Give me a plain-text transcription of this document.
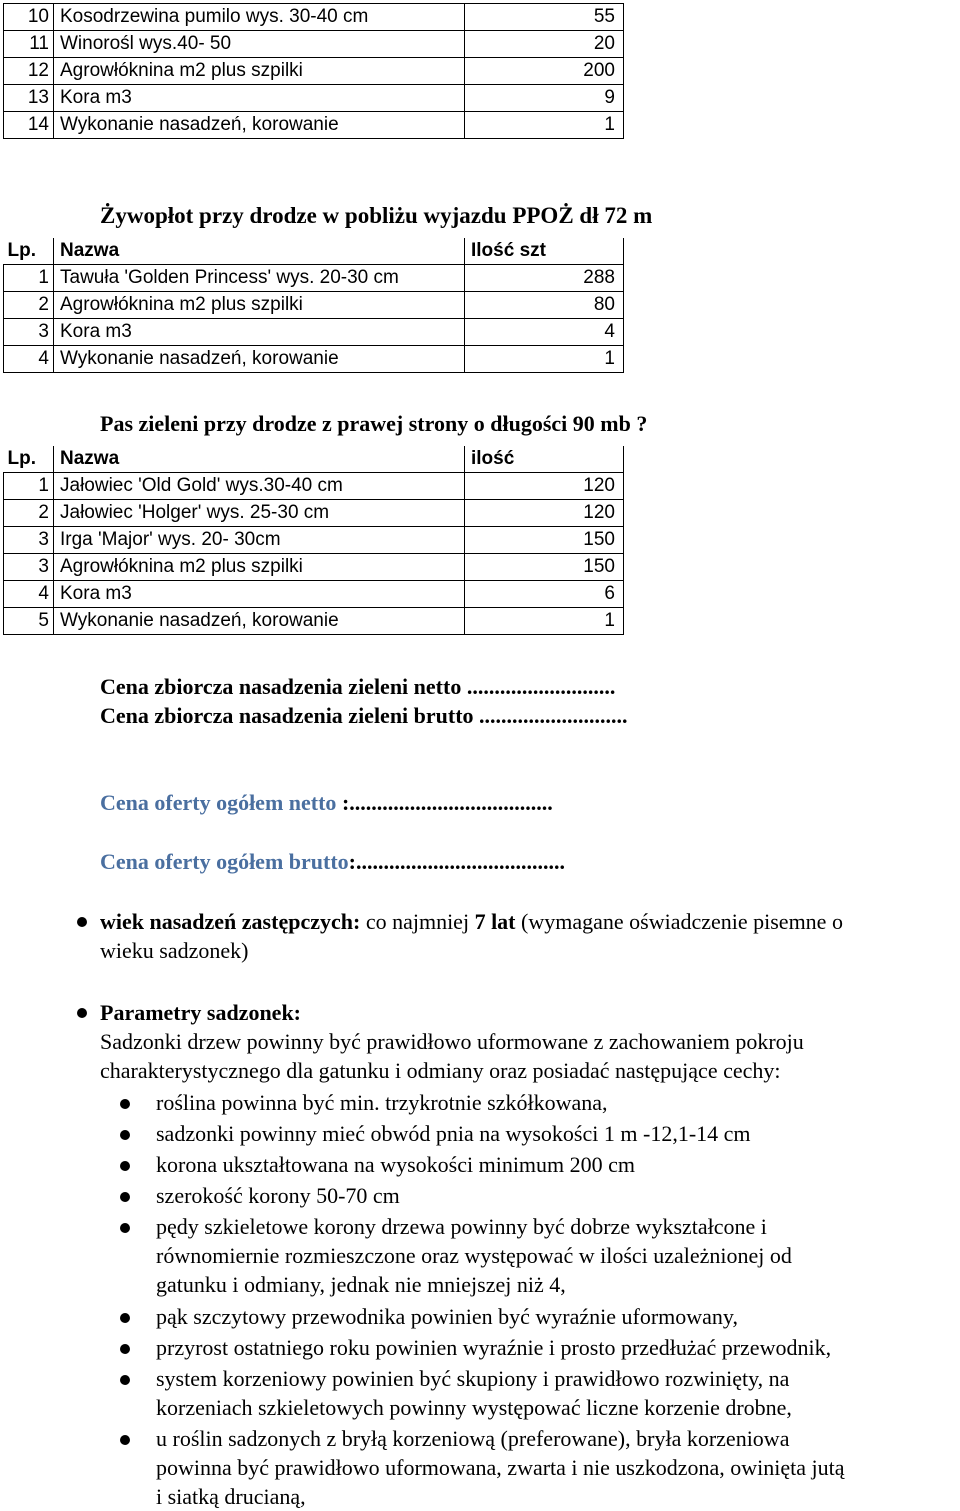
10	Kosodrzewina pumilo wys. 30-40 cm	55
11	Winorośl wys.40- 50	20
12	Agrowłóknina m2 plus szpilki	200
13	Kora m3	9
14	Wykonanie nasadzeń, korowanie	1
Żywopłot przy drodze w pobliżu wyjazdu PPOŻ dł 72 m
Lp.	Nazwa	Ilość szt
1	Tawuła 'Golden Princess' wys. 20-30 cm	288
2	Agrowłóknina m2 plus szpilki	80
3	Kora m3	4
4	Wykonanie nasadzeń, korowanie	1
Pas zieleni przy drodze z prawej strony o długości 90 mb ?
Lp.	Nazwa	ilość
1	Jałowiec 'Old Gold' wys.30-40 cm	120
2	Jałowiec 'Holger' wys. 25-30 cm	120
3	Irga 'Major' wys. 20- 30cm	150
3	Agrowłóknina m2 plus szpilki	150
4	Kora m3	6
5	Wykonanie nasadzeń, korowanie	1
Cena zbiorcza nasadzenia zieleni netto ...........................
Cena zbiorcza nasadzenia zieleni brutto ...........................
Cena oferty ogółem netto :.....................................
Cena oferty ogółem brutto:......................................
wiek nasadzeń zastępczych: co najmniej 7 lat (wymagane oświadczenie pisemne o
wieku sadzonek)
Parametry sadzonek:
Sadzonki drzew powinny być prawidłowo uformowane z zachowaniem pokroju
charakterystycznego dla gatunku i odmiany oraz posiadać następujące cechy:
roślina powinna być min. trzykrotnie szkółkowana,
sadzonki powinny mieć obwód pnia na wysokości 1 m -12,1-14 cm
korona ukształtowana na wysokości minimum 200 cm
szerokość korony 50-70 cm
pędy szkieletowe korony drzewa powinny być dobrze wykształcone i
równomiernie rozmieszczone oraz występować w ilości uzależnionej od
gatunku i odmiany, jednak nie mniejszej niż 4,
pąk szczytowy przewodnika powinien być wyraźnie uformowany,
przyrost ostatniego roku powinien wyraźnie i prosto przedłużać przewodnik,
system korzeniowy powinien być skupiony i prawidłowo rozwinięty, na
korzeniach szkieletowych powinny występować liczne korzenie drobne,
u roślin sadzonych z bryłą korzeniową (preferowane), bryła korzeniowa
powinna być prawidłowo uformowana, zwarta i nie uszkodzona, owinięta jutą
i siatką drucianą,
